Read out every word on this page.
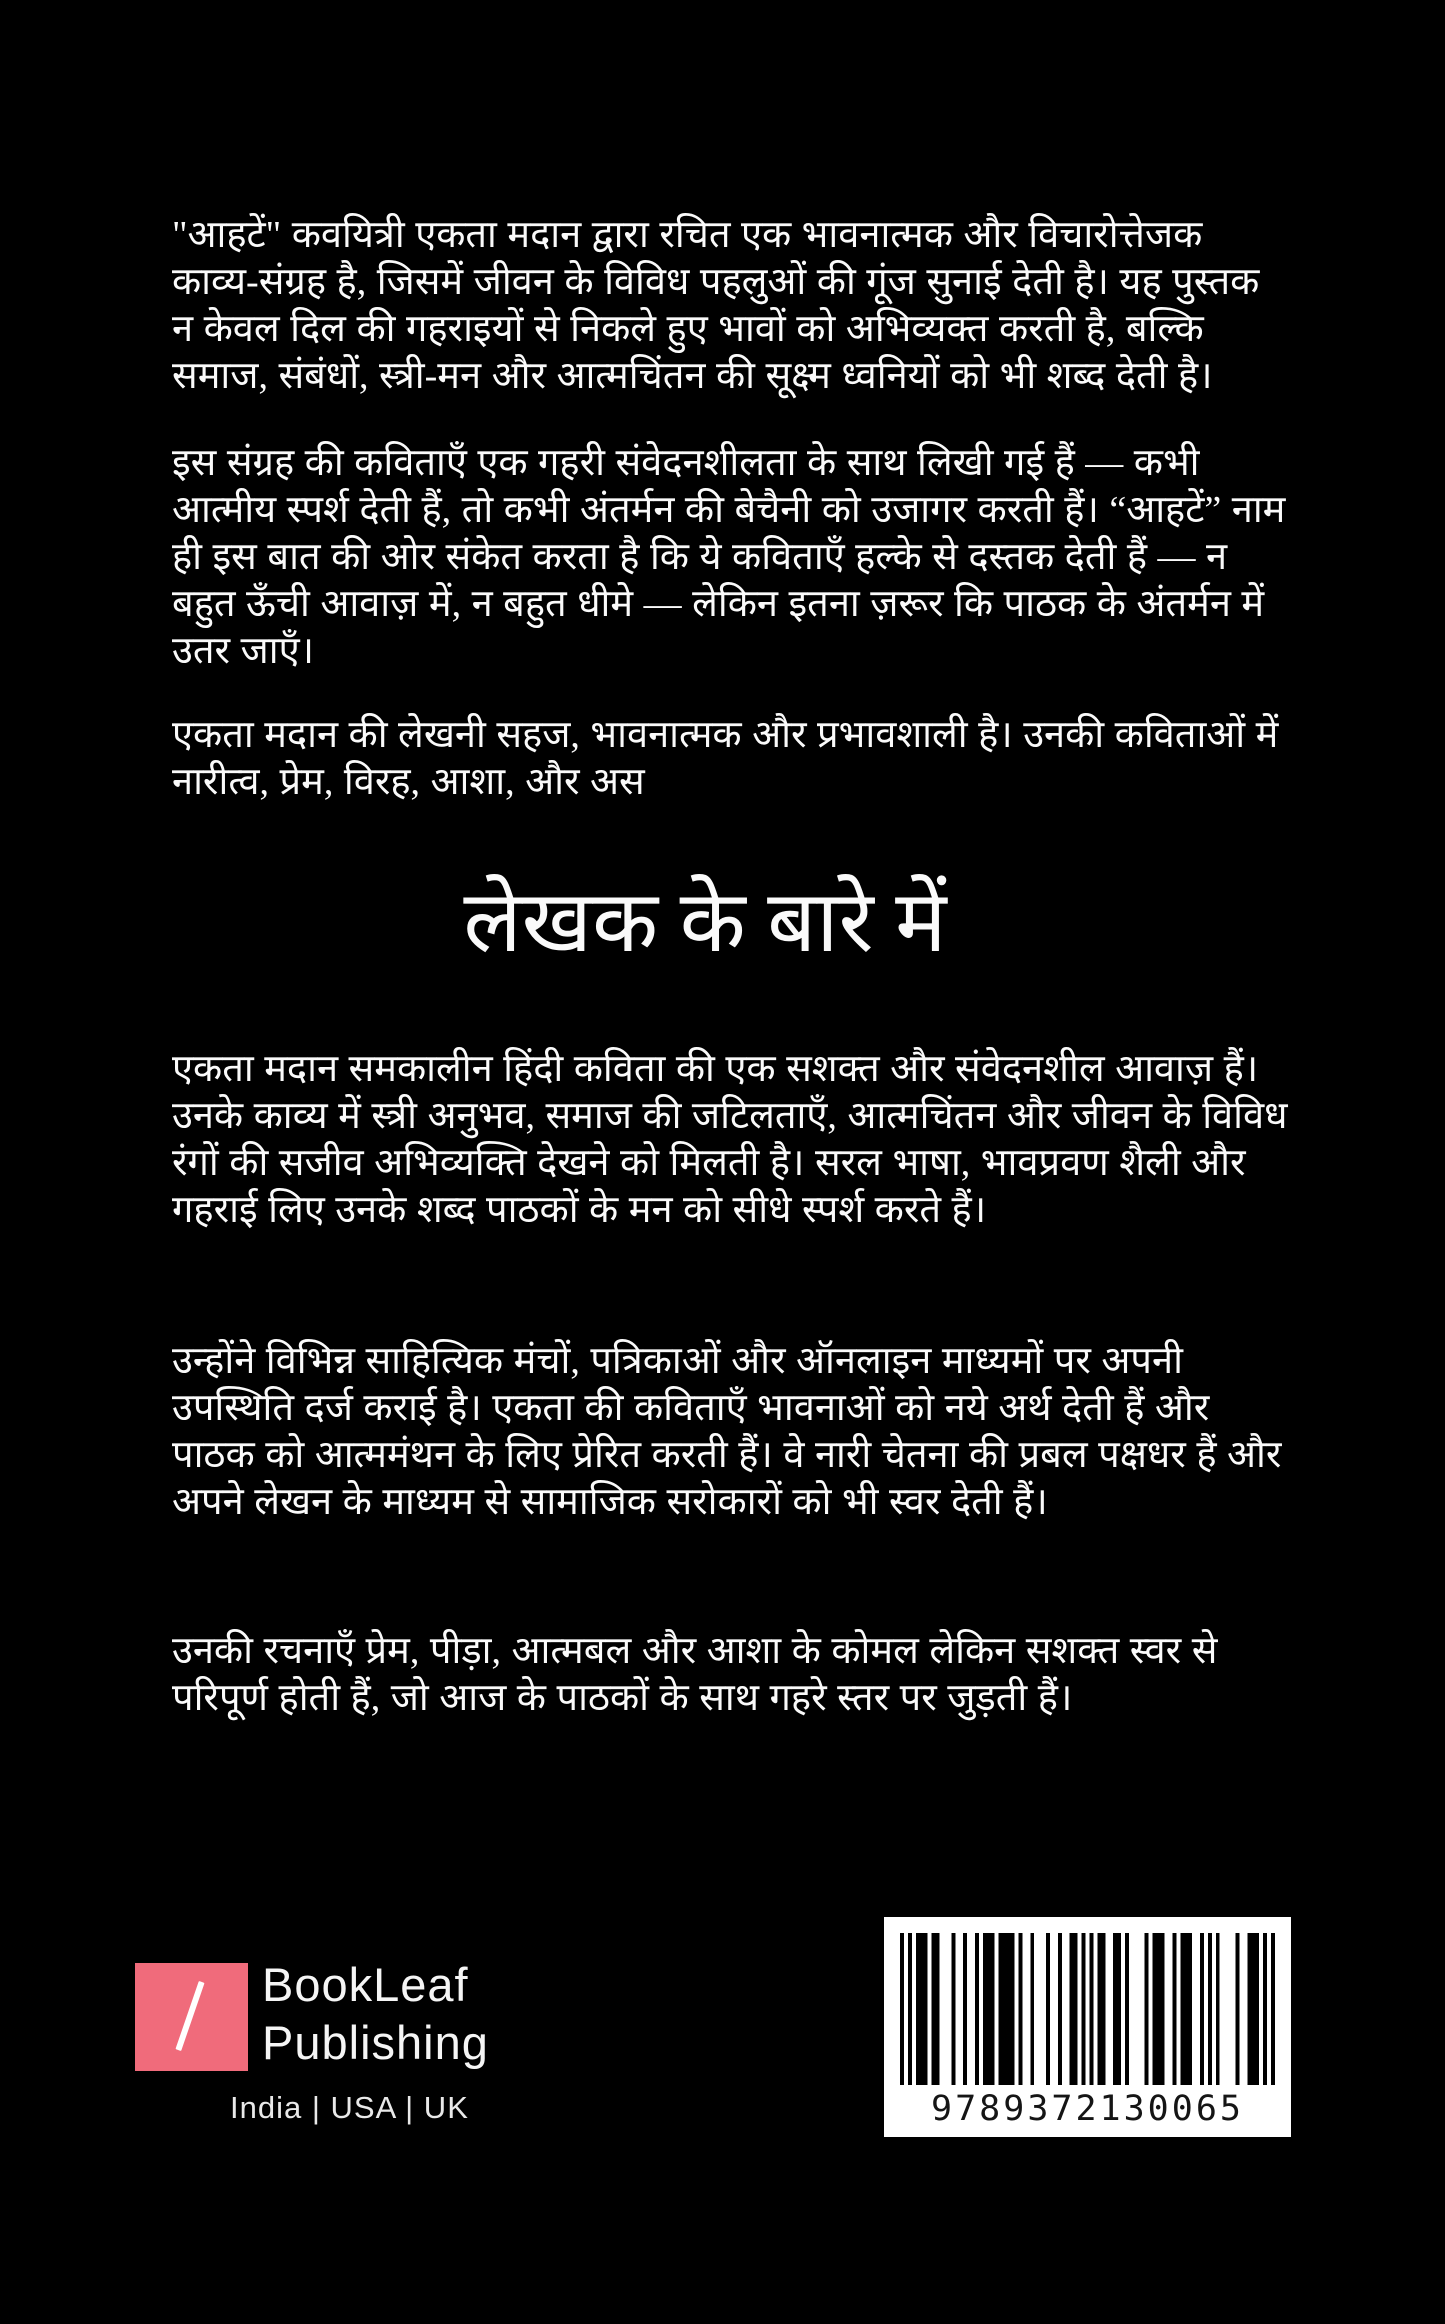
"आहटें" कवयित्री एकता मदान द्वारा रचित एक भावनात्मक और विचारोत्तेजक काव्य-संग्रह है, जिसमें जीवन के विविध पहलुओं की गूंज सुनाई देती है। यह पुस्तक न केवल दिल की गहराइयों से निकले हुए भावों को अभिव्यक्त करती है, बल्कि समाज, संबंधों, स्त्री-मन और आत्मचिंतन की सूक्ष्म ध्वनियों को भी शब्द देती है।

इस संग्रह की कविताएँ एक गहरी संवेदनशीलता के साथ लिखी गई हैं — कभी आत्मीय स्पर्श देती हैं, तो कभी अंतर्मन की बेचैनी को उजागर करती हैं। “आहटें” नाम ही इस बात की ओर संकेत करता है कि ये कविताएँ हल्के से दस्तक देती हैं — न बहुत ऊँची आवाज़ में, न बहुत धीमे — लेकिन इतना ज़रूर कि पाठक के अंतर्मन में उतर जाएँ।

एकता मदान की लेखनी सहज, भावनात्मक और प्रभावशाली है। उनकी कविताओं में नारीत्व, प्रेम, विरह, आशा, और अस

लेखक के बारे में

एकता मदान समकालीन हिंदी कविता की एक सशक्त और संवेदनशील आवाज़ हैं। उनके काव्य में स्त्री अनुभव, समाज की जटिलताएँ, आत्मचिंतन और जीवन के विविध रंगों की सजीव अभिव्यक्ति देखने को मिलती है। सरल भाषा, भावप्रवण शैली और गहराई लिए उनके शब्द पाठकों के मन को सीधे स्पर्श करते हैं।

उन्होंने विभिन्न साहित्यिक मंचों, पत्रिकाओं और ऑनलाइन माध्यमों पर अपनी उपस्थिति दर्ज कराई है। एकता की कविताएँ भावनाओं को नये अर्थ देती हैं और पाठक को आत्ममंथन के लिए प्रेरित करती हैं। वे नारी चेतना की प्रबल पक्षधर हैं और अपने लेखन के माध्यम से सामाजिक सरोकारों को भी स्वर देती हैं।

उनकी रचनाएँ प्रेम, पीड़ा, आत्मबल और आशा के कोमल लेकिन सशक्त स्वर से परिपूर्ण होती हैं, जो आज के पाठकों के साथ गहरे स्तर पर जुड़ती हैं।

BookLeaf
Publishing
India | USA | UK	9789372130065
